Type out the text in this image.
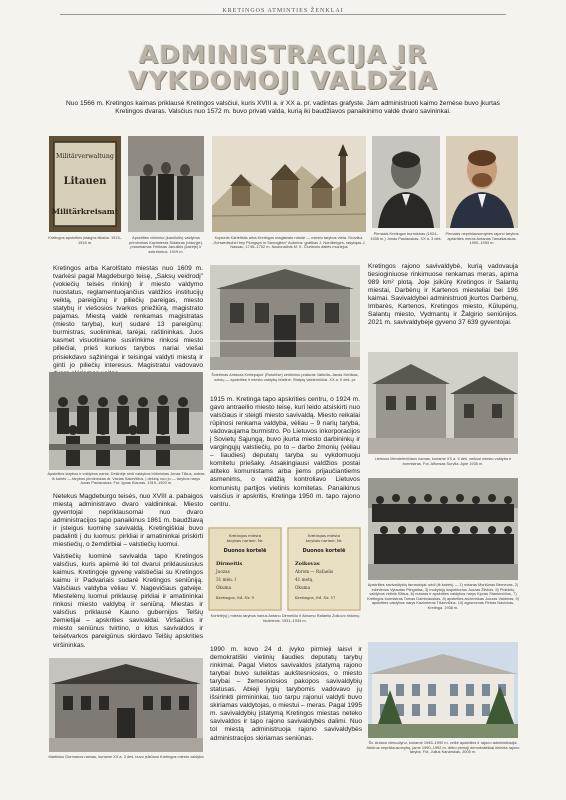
KRETINGOS ATMINTIES ŽENKLAI
ADMINISTRACIJA IR
VYKDOMOJI VALDŽIA
Nuo 1566 m. Kretingos kaimas priklausė Kretingos valsčiui, kuris XVIII a. ir XX a. pr. vadintas grafyste. Jam administruoti kaimo žemėse buvo įkurtas Kretingos dvaras. Valsčius nuo 1572 m. buvo privati valda, kurią iki baudžiavos panaikinimo valdė dvaro savininkai.
Militärverwaltung
Litauen
Militärkreisamt
Kretingos apskrities įstaigos iškaba. 1915–1918 m.
Apskrities virininko (karoliotis) valdybos prirninnkas Kazimieras Sidabras (viduryje), prosekamas Feliksas Januškis (kairėje) ir sekretorius. 1919 m.
Kopionis Kartelfstis arba Kretingos magistrato rotušė — miesto tarybos vieta. Grovšiui. „Schwedischel bey Plungsyn in Samogiten" Autorius: grafikas J. Nordberges, rašytojas J. Nassau, 1745–1752 m. Nacionalinis M. K. Čiurlionio dailės muziejus
Pirmasis Kretingos burmistras (1924–1935 m.) Jonas Paulauskas. XX a. 3 deš.
Pirmasis nepriklausomybės rajono tarybos apskrities meras Antanas Tamašauskas. 1990–1993 m.
Kretingos arba Karolštato miestas nuo 1609 m. tvarkėsi pagal Magdeburgo teisę, „Saksų veidrodį" (vokiečių teisės rinkinį) ir miesto valdymo nuostatus, reglamentuojančius valdžios institucijų veiklą, pareigūnų ir piliečių pareigas, miesto statybų ir viešosios tvarkos priežiūrą, magistrato pajamas. Miestą valdė renkamas magistratas (miesto taryba), kurį sudarė 13 pareigūnų: burmistras, suolininkai, tarėjai, raštininkas. Juos kasmet visuotiniame susirinkime rinkosi miesto piliečiai, prieš kuriuos tarybos nariai viešai prisiekdavo sąžiningai ir teisingai valdyti miestą ir ginti jo piliečių interesus. Magistratui vadovavo
Švietimas Antanas Kretepapor (Rotulėse) zeldinimo praturas Vaišvila–Janas Kertikas, uotvių — apskrities ir miesto valdybų būstinė. Statytų Valdenrūčiai. XX a. II deš. pr.
Kretingos rajono savivaldybė, kurią vadovauja tiesioginiuose rinkimuose renkamas meras, apima 989 km² plotą. Joje įsikūrę Kretingos ir Salantų miestai, Darbėnų ir Kartenos miesteliai bei 196 kaimai. Savivaldybei administruoti įkurtos Darbėnų, Imbarės, Kartenos, Kretingos miesto, Kūlupėnų, Salantų miesto, Vydmantų ir Žalgirio seniūnijos. 2021 m. savivaldybėje gyveno 37 639 gyventojai.
Apskrities tarybos ir valdybos nariai. Dešinėje sėdi valdybos būtininkas Jonas Tilkus, antras iš kairės — tarybos pirmininkas dr. Vaclas Sakevičius, į dešinę nuo jo — tarybos narys Jonas Paulauskas. Fot. Ignas Kiauras, 1919–1920 m.
Lietuvos Mendelevičiaus namas, kuriame XX a. II deš. veikusi miesto valdyba ir burmistras. Fot. Alfonsas Survila. Apie 1935 m.
1915 m. Kretinga tapo apskrities centru, o 1924 m. gavo antraeilio miesto teisę, kuri leido atsiskirti nuo valsčiaus ir steigti miesto savivaldą. Miesto reikalai rūpinosi renkama valdyba, vėliau – 9 narių taryba, vadovaujama burmistro. Po Lietuvos inkorporacijos į Sovietų Sąjungą, buvo įkurta miesto darbininkų ir vargingųjų valstiečių, po to – darbo žmonių (vėliau – liaudies) deputatų taryba su vykdomuoju komitetu priešaky. Atsakingiausi valdžios postai atiteko komunistams arba jiems prijaučiantiems asmenims, o valdžią kontroliavo Lietuvos komunistų partijos vietinis komitetas. Panaikinus valsčius ir apskritis, Kretinga 1950 m. tapo rajono centru.
Netekus Magdeburgo teisės, nuo XVIII a. pabaigos miestą administravo dvaro valdininkai. Miesto gyventojai nepriklausomai nuo dvaro administracijos tapo panaikinus 1861 m. baudžiavą ir įsteigus luominę savivaldą. Kretingiškiai buvo padalinti į du luomus: pirkliai ir amatininkai priskirti miestiečių, o žemdirbiai – valstiečių luomui.
Valstiečių luominė savivalda tapo Kretingos valsčius, kuris apėmė iki tol dvarui priklausiusius kaimus. Kretingoje gyvenę valstiečiai su Kretingos kaimu ir Padvariais sudarė Kretingos seniūniją. Valsčiaus valdyba vėliau V. Nagevičiaus gatvėje. Miestelėnų luomui priklausę pirkliai ir amatininkai rinkosi miesto valdybą ir seniūną. Miestas ir valsčius priklausė Kauno gubernijos Telšių žemietijai – apskrities savivaldai. Viršaičius ir miesto seniūnus tvirtino, o kitus savivaldos ir teisėtvarkos pareigūnus skirdavo Telšių apskrities viršininkas.
Kretingos miesto
tarybos narianr. Nr.
Duonos kortelė
Dirmeitis
Juozas
31 mėn. l
Okuma
Kretingos, 6d. Nr. 9
Kretingos miesto
tarybos narianr. Nr.
Duonos kortelė
Zoikovas
Abrom — Rafaelis
41 metų
Okuma
Kretingos, 6d. Nr. 57
Kortelė(s) į miesto tarybos narius Antano Dirmeičio ir Abromo Rafaelio Zoikovo rinkimų biuletenis. 1931–1934 m.
Apskrities savivaldybių tarnautojai: sėdi (iš kairės) — 1) notaras Morkūnas Bernevas, 2) inžinierius Vytautas Plingailas, 3) mokytojų inspektorius Juozas Žilvinis. 5) Plokščių valdybos virtinis Kitkus, 6) notaras ir apskrities valdybos narys Kipras Stankevičius, 7) Kretingos burmistras Tomas Dambrauskas, 8) apskrities archivinkas Juozas Valdmas, 9) apskrities valdybos narys Kazimieras Tiškevičius, 10) agronomas Petras Navickas, Kretinga. 1938 m.
Martisius Gurmanos namas, kuriame XX a. 3 deš. buvo įsikūrusi Kretingos miesto valdyba
1990 m. kovo 24 d. įvyko pirmieji laisvi ir demokratiški vietinių liaudies deputatų tarybų rinkimai. Pagal Vietos savivaldos įstatymą rajono tarybai buvo suteiktas aukštesniosios, o miesto tarybai – žemesniosios pakopos savivaldybių statusas. Abieji lygių tarybomis vadovavo jų išsirinkti pirmininkai, tuo tarpu rajonui valdyti buvo skiriamas valdytojas, o miestui – meras. Pagal 1995 m. savivaldybių įstatymą Kretingos miestas neteko savivaldos ir tapo rajono savivaldybės dalimi. Nuo tol miestą administruoja rajono savivaldybės administracijos skiriamas seniūnas.
Šv. Antano vienuolyno, kuriame 1945–1990 m. veikė apskrities ir rajono administracija. Atkūrus nepriklausomybę, jame 1990–1992 m. dirbo pirmoji demokratiškai išrinkta rajono taryba. Fot. Julius Kanarskas, 2005 m.
